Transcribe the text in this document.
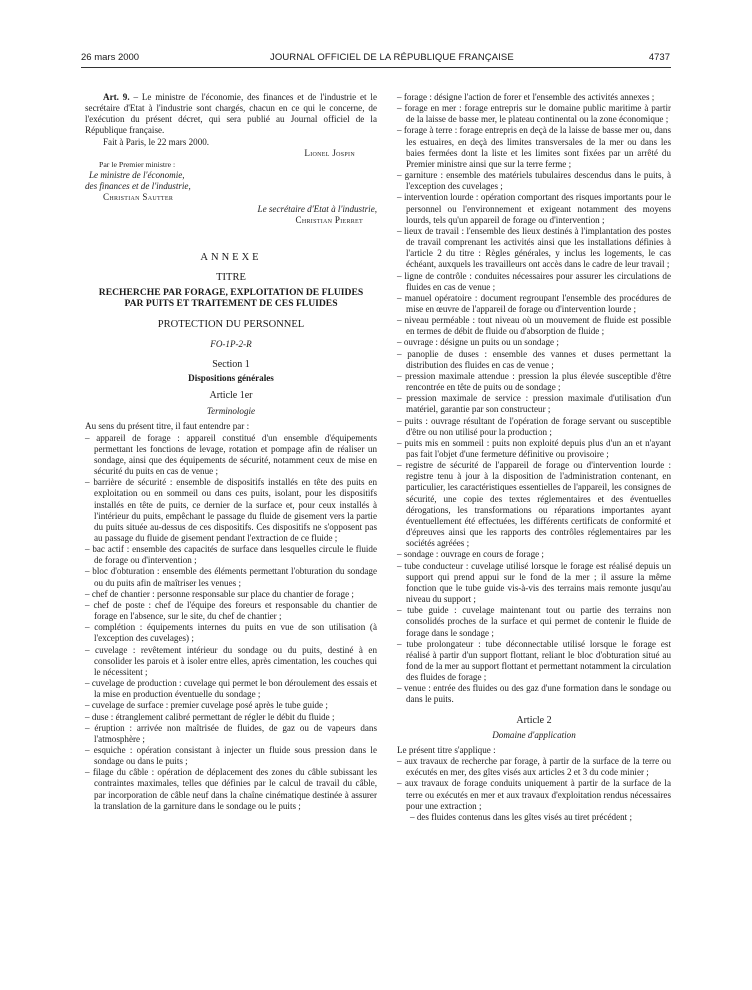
26 mars 2000	JOURNAL OFFICIEL DE LA RÉPUBLIQUE FRANÇAISE	4737

Art. 9. – Le ministre de l'économie, des finances et de l'industrie et le secrétaire d'Etat à l'industrie sont chargés, chacun en ce qui le concerne, de l'exécution du présent décret, qui sera publié au Journal officiel de la République française.

Fait à Paris, le 22 mars 2000.

Lionel Jospin

Par le Premier ministre :

Le ministre de l'économie,

des finances et de l'industrie,

Christian Sautter

Le secrétaire d'Etat à l'industrie,

Christian Pierret

ANNEXE

TITRE

RECHERCHE PAR FORAGE, EXPLOITATION DE FLUIDES PAR PUITS ET TRAITEMENT DE CES FLUIDES

PROTECTION DU PERSONNEL

FO-1P-2-R

Section 1

Dispositions générales

Article 1er

Terminologie

Au sens du présent titre, il faut entendre par :

– appareil de forage : appareil constitué d'un ensemble d'équipements permettant les fonctions de levage, rotation et pompage afin de réaliser un sondage, ainsi que des équipements de sécurité, notamment ceux de mise en sécurité du puits en cas de venue ;

– barrière de sécurité : ensemble de dispositifs installés en tête des puits en exploitation ou en sommeil ou dans ces puits, isolant, pour les dispositifs installés en tête de puits, ce dernier de la surface et, pour ceux installés à l'intérieur du puits, empêchant le passage du fluide de gisement vers la partie du puits située au-dessus de ces dispositifs. Ces dispositifs ne s'opposent pas au passage du fluide de gisement pendant l'extraction de ce fluide ;

– bac actif : ensemble des capacités de surface dans lesquelles circule le fluide de forage ou d'intervention ;

– bloc d'obturation : ensemble des éléments permettant l'obturation du sondage ou du puits afin de maîtriser les venues ;

– chef de chantier : personne responsable sur place du chantier de forage ;

– chef de poste : chef de l'équipe des foreurs et responsable du chantier de forage en l'absence, sur le site, du chef de chantier ;

– complétion : équipements internes du puits en vue de son utilisation (à l'exception des cuvelages) ;

– cuvelage : revêtement intérieur du sondage ou du puits, destiné à en consolider les parois et à isoler entre elles, après cimentation, les couches qui le nécessitent ;

– cuvelage de production : cuvelage qui permet le bon déroulement des essais et la mise en production éventuelle du sondage ;

– cuvelage de surface : premier cuvelage posé après le tube guide ;

– duse : étranglement calibré permettant de régler le débit du fluide ;

– éruption : arrivée non maîtrisée de fluides, de gaz ou de vapeurs dans l'atmosphère ;

– esquiche : opération consistant à injecter un fluide sous pression dans le sondage ou dans le puits ;

– filage du câble : opération de déplacement des zones du câble subissant les contraintes maximales, telles que définies par le calcul de travail du câble, par incorporation de câble neuf dans la chaîne cinématique destinée à assurer la translation de la garniture dans le sondage ou le puits ;

– forage : désigne l'action de forer et l'ensemble des activités annexes ;

– forage en mer : forage entrepris sur le domaine public maritime à partir de la laisse de basse mer, le plateau continental ou la zone économique ;

– forage à terre : forage entrepris en deçà de la laisse de basse mer ou, dans les estuaires, en deçà des limites transversales de la mer ou dans les baies fermées dont la liste et les limites sont fixées par un arrêté du Premier ministre ainsi que sur la terre ferme ;

– garniture : ensemble des matériels tubulaires descendus dans le puits, à l'exception des cuvelages ;

– intervention lourde : opération comportant des risques importants pour le personnel ou l'environnement et exigeant notamment des moyens lourds, tels qu'un appareil de forage ou d'intervention ;

– lieux de travail : l'ensemble des lieux destinés à l'implantation des postes de travail comprenant les activités ainsi que les installations définies à l'article 2 du titre : Règles générales, y inclus les logements, le cas échéant, auxquels les travailleurs ont accès dans le cadre de leur travail ;

– ligne de contrôle : conduites nécessaires pour assurer les circulations de fluides en cas de venue ;

– manuel opératoire : document regroupant l'ensemble des procédures de mise en œuvre de l'appareil de forage ou d'intervention lourde ;

– niveau perméable : tout niveau où un mouvement de fluide est possible en termes de débit de fluide ou d'absorption de fluide ;

– ouvrage : désigne un puits ou un sondage ;

– panoplie de duses : ensemble des vannes et duses permettant la distribution des fluides en cas de venue ;

– pression maximale attendue : pression la plus élevée susceptible d'être rencontrée en tête de puits ou de sondage ;

– pression maximale de service : pression maximale d'utilisation d'un matériel, garantie par son constructeur ;

– puits : ouvrage résultant de l'opération de forage servant ou susceptible d'être ou non utilisé pour la production ;

– puits mis en sommeil : puits non exploité depuis plus d'un an et n'ayant pas fait l'objet d'une fermeture définitive ou provisoire ;

– registre de sécurité de l'appareil de forage ou d'intervention lourde : registre tenu à jour à la disposition de l'administration contenant, en particulier, les caractéristiques essentielles de l'appareil, les consignes de sécurité, une copie des textes réglementaires et des éventuelles dérogations, les transformations ou réparations importantes ayant éventuellement été effectuées, les différents certificats de conformité et d'épreuves ainsi que les rapports des contrôles réglementaires par les sociétés agréées ;

– sondage : ouvrage en cours de forage ;

– tube conducteur : cuvelage utilisé lorsque le forage est réalisé depuis un support qui prend appui sur le fond de la mer ; il assure la même fonction que le tube guide vis-à-vis des terrains mais remonte jusqu'au niveau du support ;

– tube guide : cuvelage maintenant tout ou partie des terrains non consolidés proches de la surface et qui permet de contenir le fluide de forage dans le sondage ;

– tube prolongateur : tube déconnectable utilisé lorsque le forage est réalisé à partir d'un support flottant, reliant le bloc d'obturation situé au fond de la mer au support flottant et permettant notamment la circulation des fluides de forage ;

– venue : entrée des fluides ou des gaz d'une formation dans le sondage ou dans le puits.

Article 2

Domaine d'application

Le présent titre s'applique :

– aux travaux de recherche par forage, à partir de la surface de la terre ou exécutés en mer, des gîtes visés aux articles 2 et 3 du code minier ;

– aux travaux de forage conduits uniquement à partir de la surface de la terre ou exécutés en mer et aux travaux d'exploitation rendus nécessaires pour une extraction ;

– des fluides contenus dans les gîtes visés au tiret précédent ;
